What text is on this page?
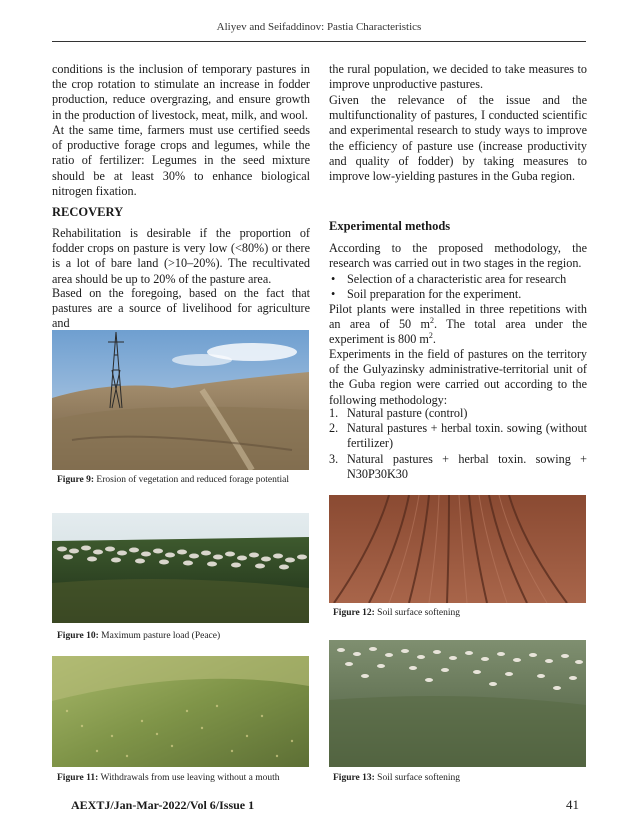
Aliyev and Seifaddinov: Pastia Characteristics

conditions is the inclusion of temporary pastures in the crop rotation to stimulate an increase in fodder production, reduce overgrazing, and ensure growth in the production of livestock, meat, milk, and wool.

At the same time, farmers must use certified seeds of productive forage crops and legumes, while the ratio of fertilizer: Legumes in the seed mixture should be at least 30% to enhance biological nitrogen fixation.

RECOVERY

Rehabilitation is desirable if the proportion of fodder crops on pasture is very low (<80%) or there is a lot of bare land (>10–20%). The recultivated area should be up to 20% of the pasture area.

Based on the foregoing, based on the fact that pastures are a source of livelihood for agriculture and

the rural population, we decided to take measures to improve unproductive pastures.

Given the relevance of the issue and the multifunctionality of pastures, I conducted scientific and experimental research to study ways to improve the efficiency of pasture use (increase productivity and quality of fodder) by taking measures to improve low-yielding pastures in the Guba region.

Experimental methods

According to the proposed methodology, the research was carried out in two stages in the region.

• Selection of a characteristic area for research
• Soil preparation for the experiment.

Pilot plants were installed in three repetitions with an area of 50 $m^2$. The total area under the experiment is 800 $m^2$.

Experiments in the field of pastures on the territory of the Gulyazinsky administrative-territorial unit of the Guba region were carried out according to the following methodology:

1. Natural pasture (control)
2. Natural pastures + herbal toxin. sowing (without fertilizer)
3. Natural pastures + herbal toxin. sowing + N30P30K30
Figure 9: Erosion of vegetation and reduced forage potential
Figure 10: Maximum pasture load (Peace)
Figure 11: Withdrawals from use leaving without a mouth
Figure 12: Soil surface softening
Figure 13: Soil surface softening
AEXTJ/Jan-Mar-2022/Vol 6/Issue 1	41
